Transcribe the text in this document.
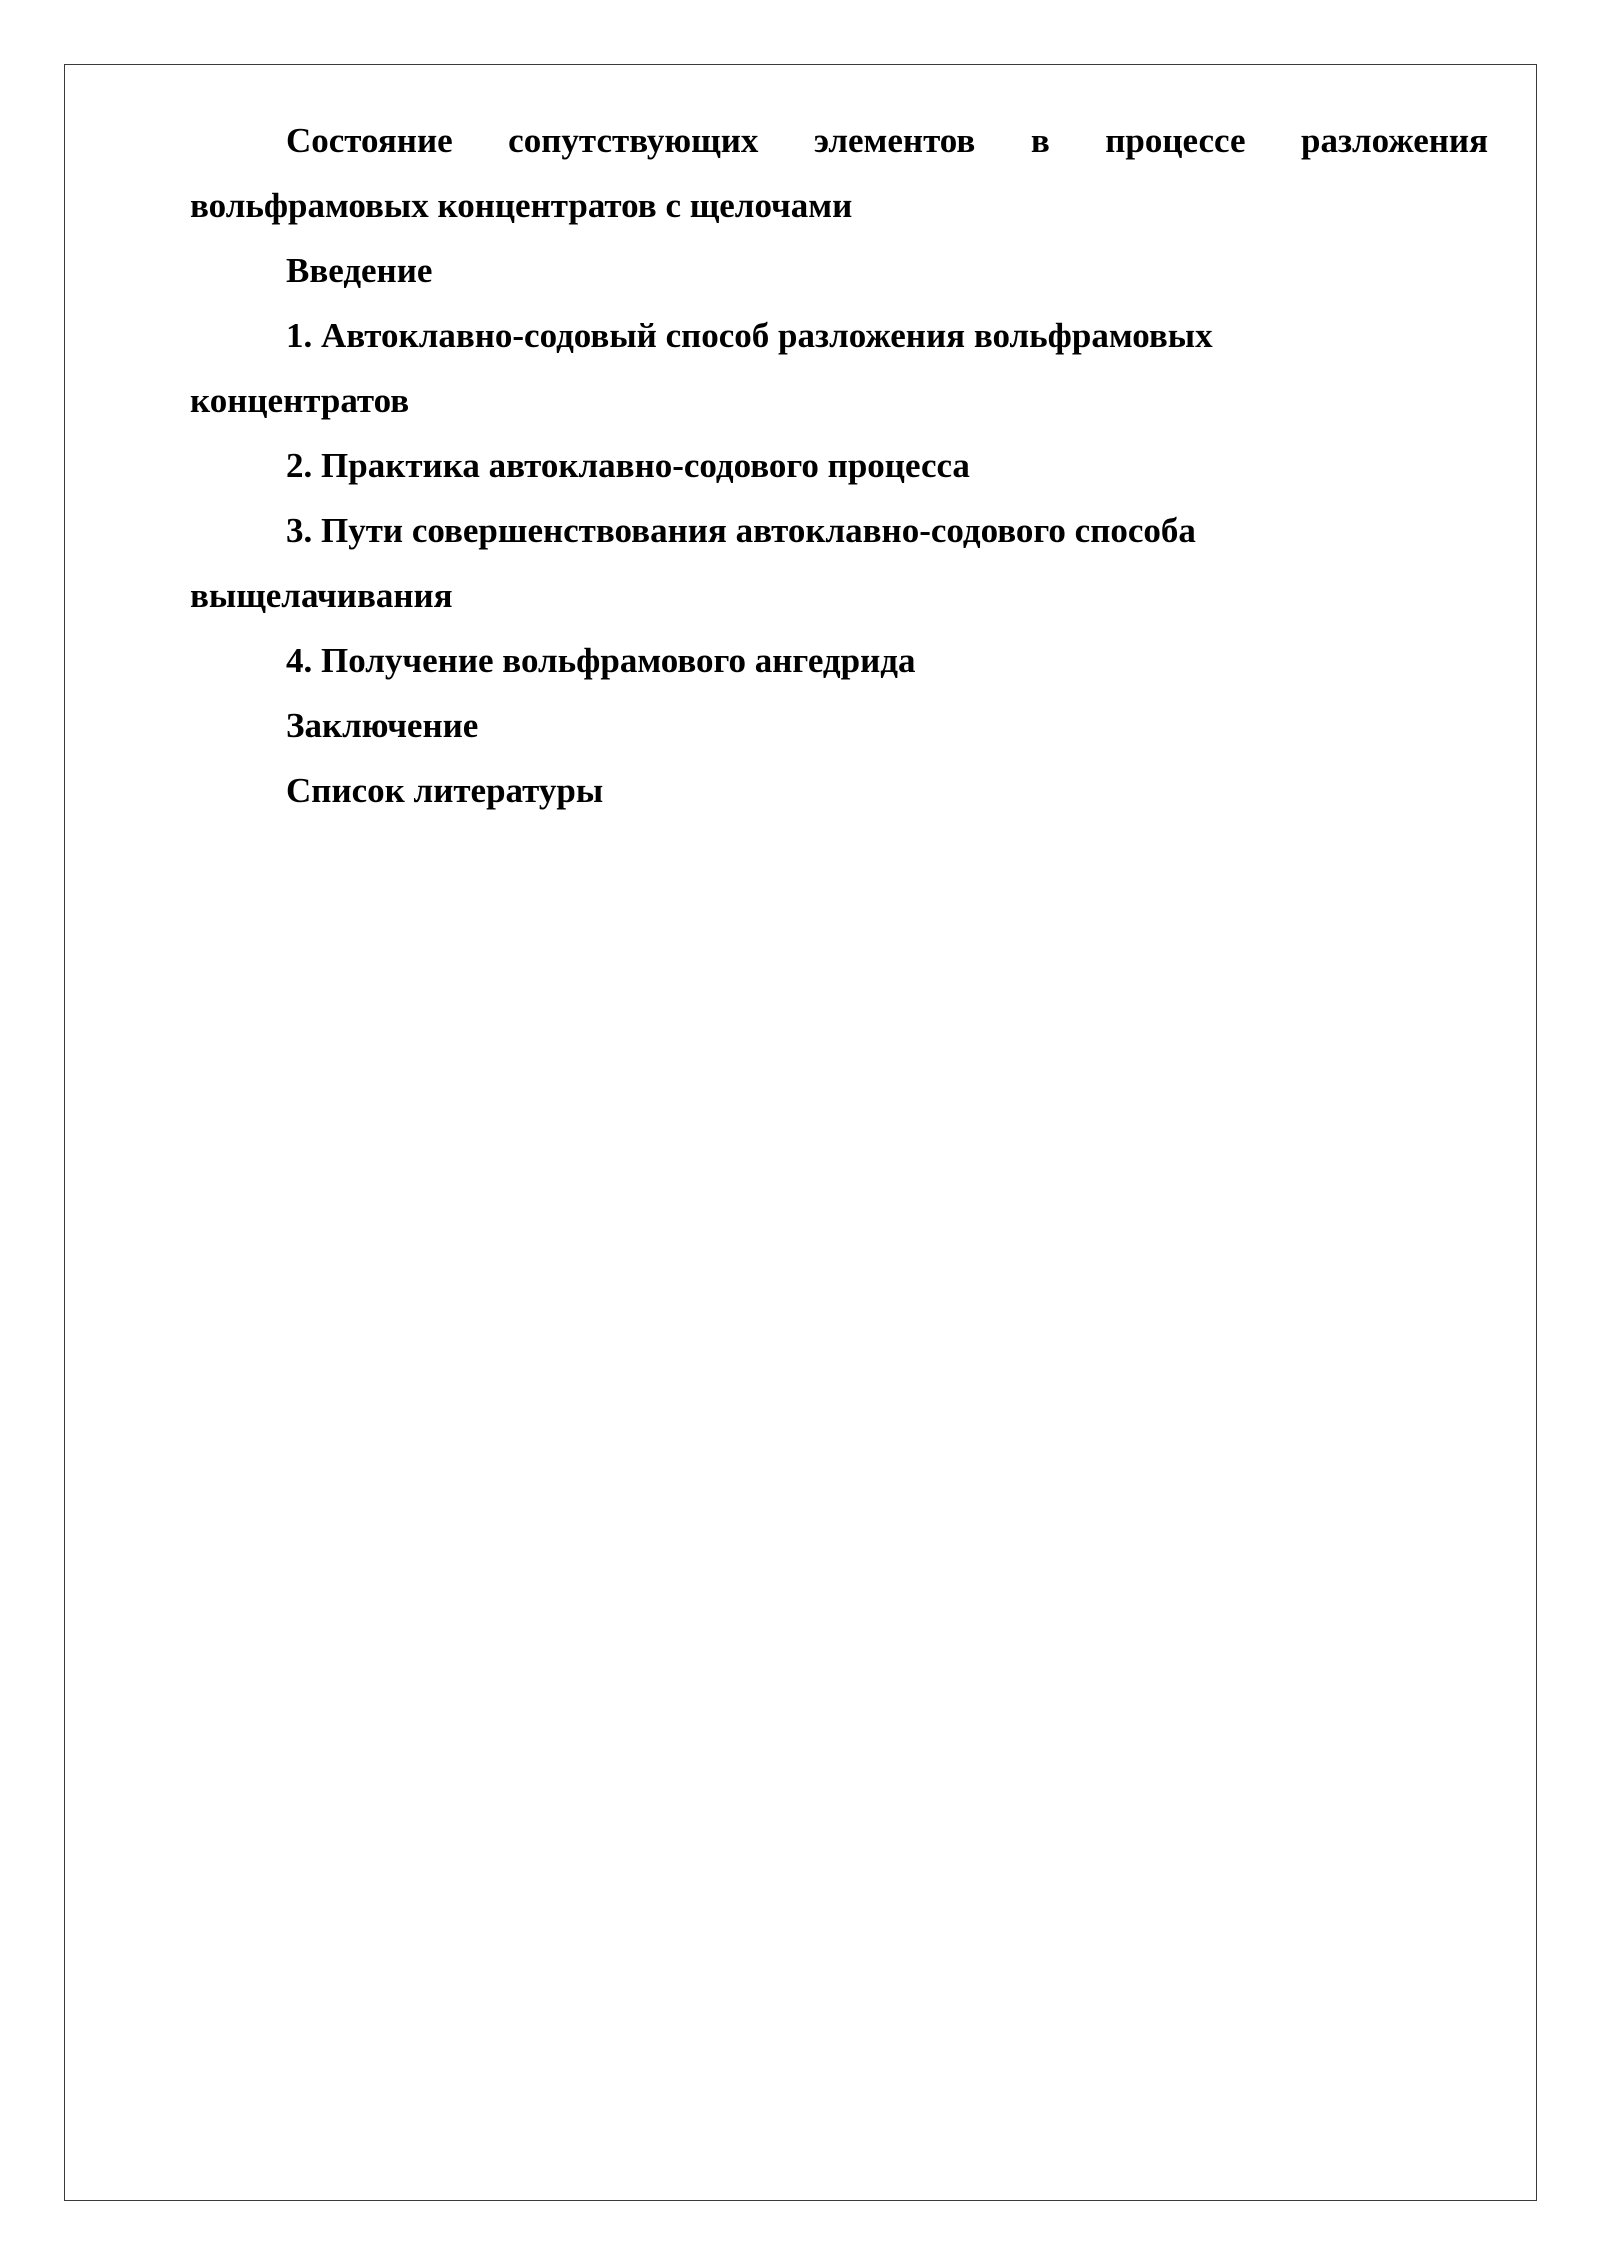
Состояние сопутствующих элементов в процессе разложения вольфрамовых концентратов с щелочами

Введение

1. Автоклавно-содовый способ разложения вольфрамовых концентратов

2. Практика автоклавно-содового процесса

3. Пути совершенствования автоклавно-содового способа выщелачивания

4. Получение вольфрамового ангедрида

Заключение

Список литературы
